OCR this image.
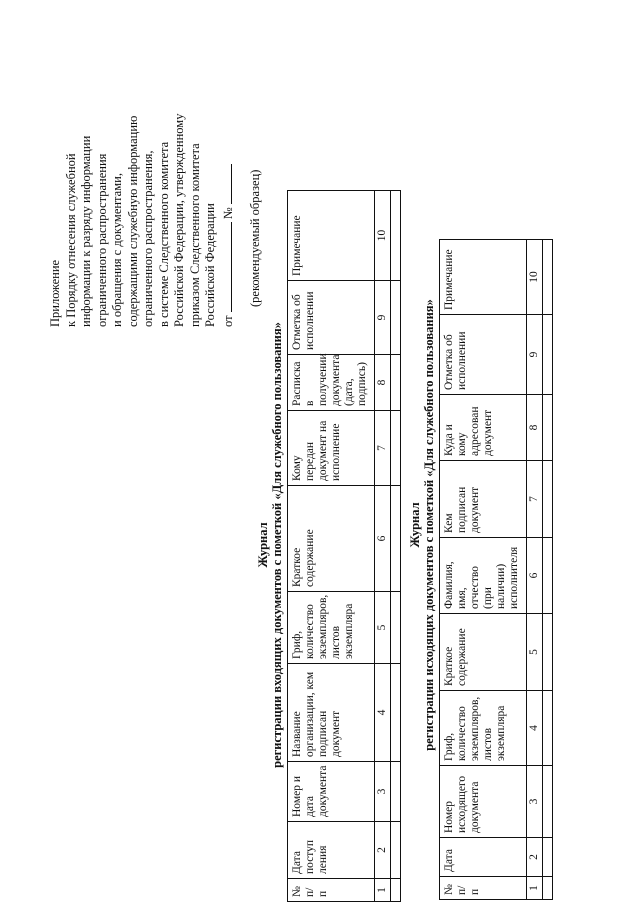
Приложение к Порядку отнесения служебной информации к разряду информации ограниченного распространения и обращения с документами, содержащими служебную информацию ограниченного распространения, в системе Следственного комитета Российской Федерации, утвержденному приказом Следственного комитета Российской Федерации от  № (рекомендуемый образец)
Журнал регистрации входящих документов с пометкой «Для служебного пользования»
№ п/п	Дата поступ ления	Номер и дата документа	Название организации, кем подписан документ	Гриф, количество экземпляров, листов экземпляра	Краткое содержание	Кому передан документ на исполнение	Расписка в получении документа (дата, подпись)	Отметка об исполнении	Примечание
1	2	3	4	5	6	7	8	9	10

Журнал регистрации исходящих документов с пометкой «Для служебного пользования»
№ п/п	Дата	Номер исходящего документа	Гриф, количество экземпляров, листов экземпляра	Краткое содержание	Фамилия, имя, отчество (при наличии) исполнителя	Кем подписан документ	Куда и кому адресован документ	Отметка об исполнении	Примечание
1	2	3	4	5	6	7	8	9	10
